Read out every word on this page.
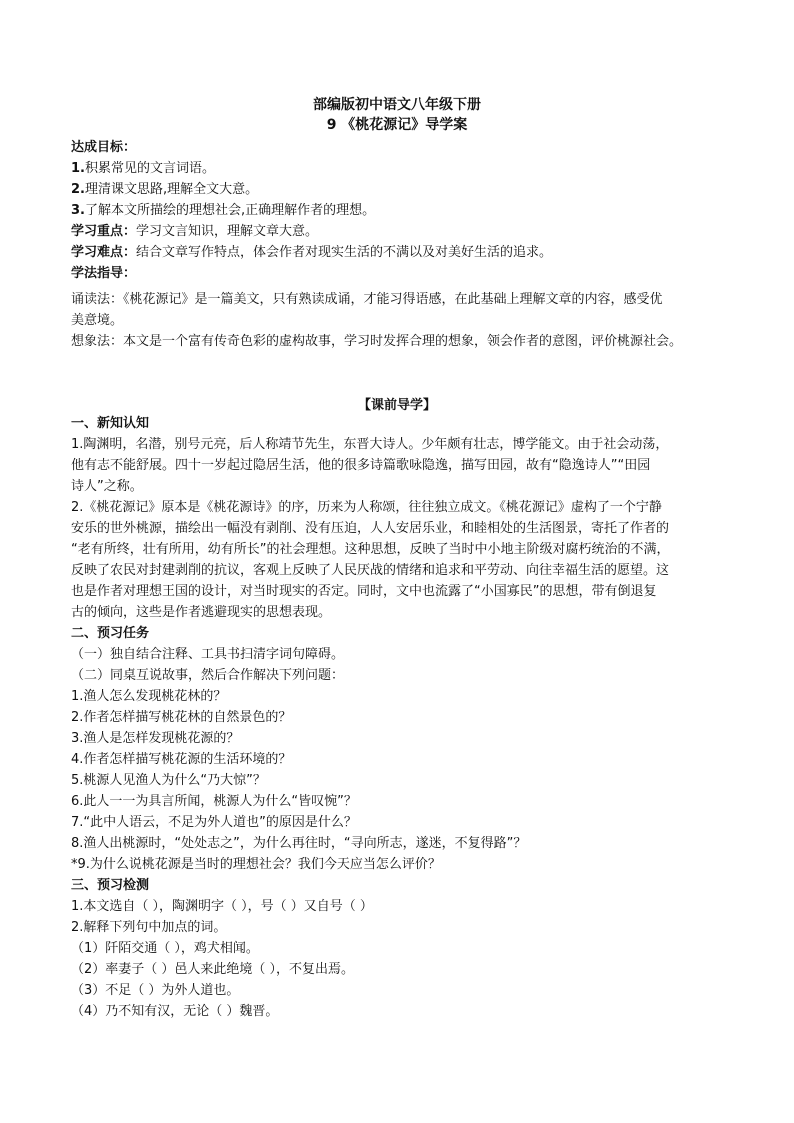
部编版初中语文八年级下册
9 《桃花源记》导学案
达成目标：
1.积累常见的文言词语。
2.理清课文思路,理解全文大意。
3.了解本文所描绘的理想社会,正确理解作者的理想。
学习重点：学习文言知识，理解文章大意。
学习难点：结合文章写作特点，体会作者对现实生活的不满以及对美好生活的追求。
学法指导：
诵读法：《桃花源记》是一篇美文，只有熟读成诵，才能习得语感，在此基础上理解文章的内容，感受优
美意境。
想象法：本文是一个富有传奇色彩的虚构故事，学习时发挥合理的想象，领会作者的意图，评价桃源社会。
【课前导学】
一、新知认知
1.陶渊明，名潜，别号元亮，后人称靖节先生，东晋大诗人。少年颇有壮志，博学能文。由于社会动荡，
他有志不能舒展。四十一岁起过隐居生活，他的很多诗篇歌咏隐逸，描写田园，故有“隐逸诗人”“田园
诗人”之称。
2.《桃花源记》原本是《桃花源诗》的序，历来为人称颂，往往独立成文。《桃花源记》虚构了一个宁静
安乐的世外桃源，描绘出一幅没有剥削、没有压迫，人人安居乐业，和睦相处的生活图景，寄托了作者的
“老有所终，壮有所用，幼有所长”的社会理想。这种思想，反映了当时中小地主阶级对腐朽统治的不满，
反映了农民对封建剥削的抗议，客观上反映了人民厌战的情绪和追求和平劳动、向往幸福生活的愿望。这
也是作者对理想王国的设计，对当时现实的否定。同时，文中也流露了“小国寡民”的思想，带有倒退复
古的倾向，这些是作者逃避现实的思想表现。
二、预习任务
（一）独自结合注释、工具书扫清字词句障碍。
（二）同桌互说故事，然后合作解决下列问题：
1.渔人怎么发现桃花林的？
2.作者怎样描写桃花林的自然景色的？
3.渔人是怎样发现桃花源的？
4.作者怎样描写桃花源的生活环境的？
5.桃源人见渔人为什么“乃大惊”？
6.此人一一为具言所闻，桃源人为什么“皆叹惋”？
7.“此中人语云，不足为外人道也”的原因是什么？
8.渔人出桃源时，“处处志之”，为什么再往时，“寻向所志，遂迷，不复得路”？
*9.为什么说桃花源是当时的理想社会？我们今天应当怎么评价？
三、预习检测
1.本文选自（ ），陶渊明字（ ），号（ ）又自号（ ）
2.解释下列句中加点的词。
（1）阡陌交通（ ），鸡犬相闻。
（2）率妻子（ ）邑人来此绝境（ ），不复出焉。
（3）不足（ ）为外人道也。
（4）乃不知有汉，无论（ ）魏晋。
